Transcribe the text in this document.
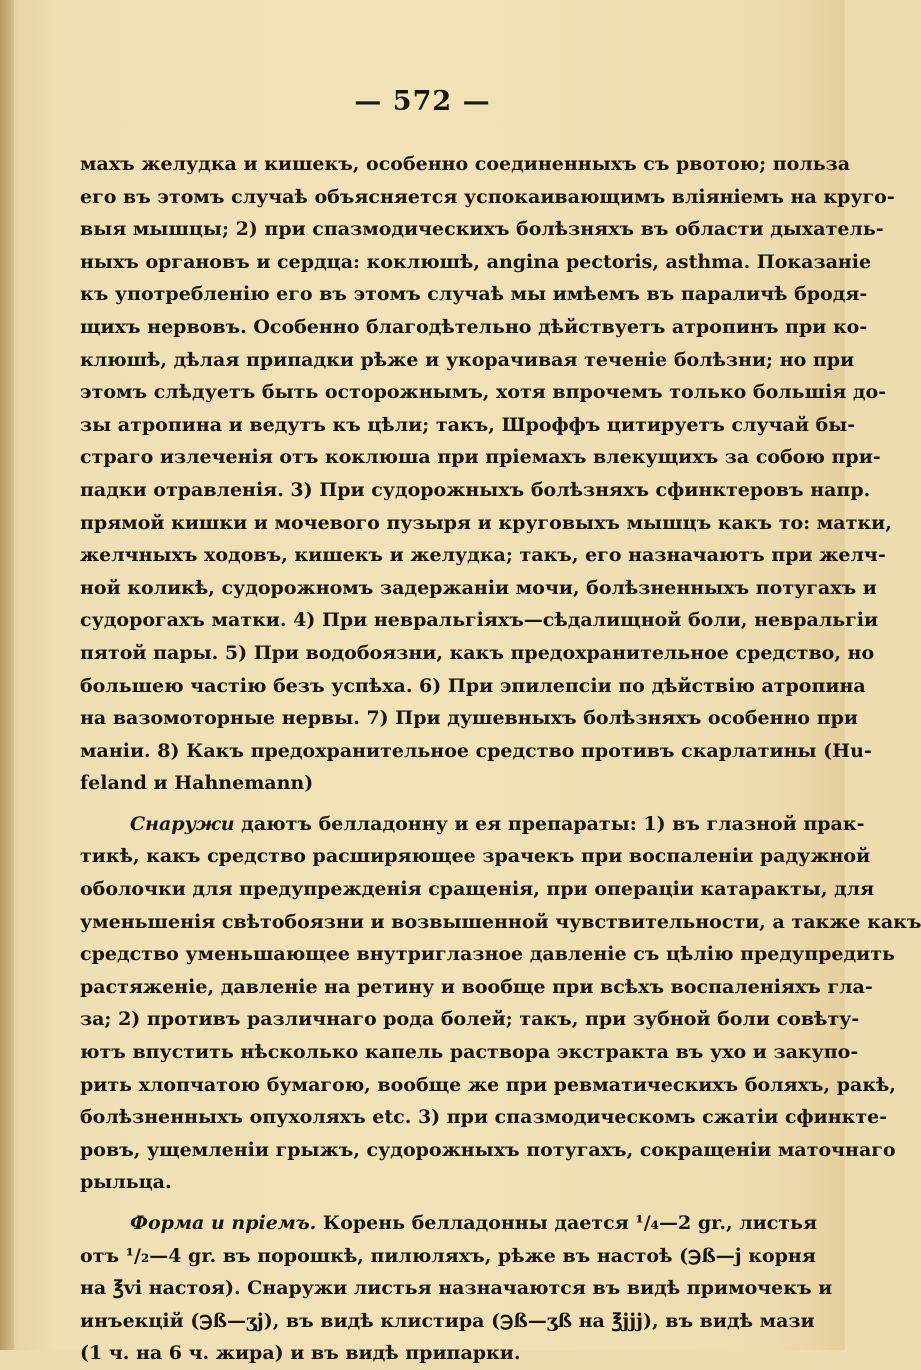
— 572 —
махъ желудка и кишекъ, особенно соединенныхъ съ рвотою; польза
его въ этомъ случаѣ объясняется успокаивающимъ вліяніемъ на круго-
выя мышцы; 2) при спазмодическихъ болѣзняхъ въ области дыхатель-
ныхъ органовъ и сердца: коклюшѣ, angina pectoris, asthma. Показаніе
къ употребленію его въ этомъ случаѣ мы имѣемъ въ параличѣ бродя-
щихъ нервовъ. Особенно благодѣтельно дѣйствуетъ атропинъ при ко-
клюшѣ, дѣлая припадки рѣже и укорачивая теченіе болѣзни; но при
этомъ слѣдуетъ быть осторожнымъ, хотя впрочемъ только большія до-
зы атропина и ведутъ къ цѣли; такъ, Шроффъ цитируетъ случай бы-
страго излеченія отъ коклюша при пріемахъ влекущихъ за собою при-
падки отравленія. 3) При судорожныхъ болѣзняхъ сфинктеровъ напр.
прямой кишки и мочевого пузыря и круговыхъ мышцъ какъ то: матки,
желчныхъ ходовъ, кишекъ и желудка; такъ, его назначаютъ при желч-
ной коликѣ, судорожномъ задержаніи мочи, болѣзненныхъ потугахъ и
судорогахъ матки. 4) При невральгіяхъ—сѣдалищной боли, невральгіи
пятой пары. 5) При водобоязни, какъ предохранительное средство, но
большею частію безъ успѣха. 6) При эпилепсіи по дѣйствію атропина
на вазомоторные нервы. 7) При душевныхъ болѣзняхъ особенно при
маніи. 8) Какъ предохранительное средство противъ скарлатины (Hu-
feland и Hahnemann)
Снаружи даютъ белладонну и ея препараты: 1) въ глазной прак-
тикѣ, какъ средство расширяющее зрачекъ при воспаленіи радужной
оболочки для предупрежденія сращенія, при операціи катаракты, для
уменьшенія свѣтобоязни и возвышенной чувствительности, а также какъ
средство уменьшающее внутриглазное давленіе съ цѣлію предупредить
растяженіе, давленіе на ретину и вообще при всѣхъ воспаленіяхъ гла-
за; 2) противъ различнаго рода болей; такъ, при зубной боли совѣту-
ютъ впустить нѣсколько капель раствора экстракта въ ухо и закупо-
рить хлопчатою бумагою, вообще же при ревматическихъ боляхъ, ракѣ,
болѣзненныхъ опухоляхъ etc. 3) при спазмодическомъ сжатіи сфинкте-
ровъ, ущемленіи грыжъ, судорожныхъ потугахъ, сокращеніи маточнаго
рыльца.
Форма и пріемъ. Корень белладонны дается ¹/₄—2 gr., листья
отъ ¹/₂—4 gr. въ порошкѣ, пилюляхъ, рѣже въ настоѣ (℈ß—j корня
на ℥vi настоя). Снаружи листья назначаются въ видѣ примочекъ и
инъекцій (℈ß—ʒj), въ видѣ клистира (℈ß—ʒß на ℥jjj), въ видѣ мази
(1 ч. на 6 ч. жира) и въ видѣ припарки.
